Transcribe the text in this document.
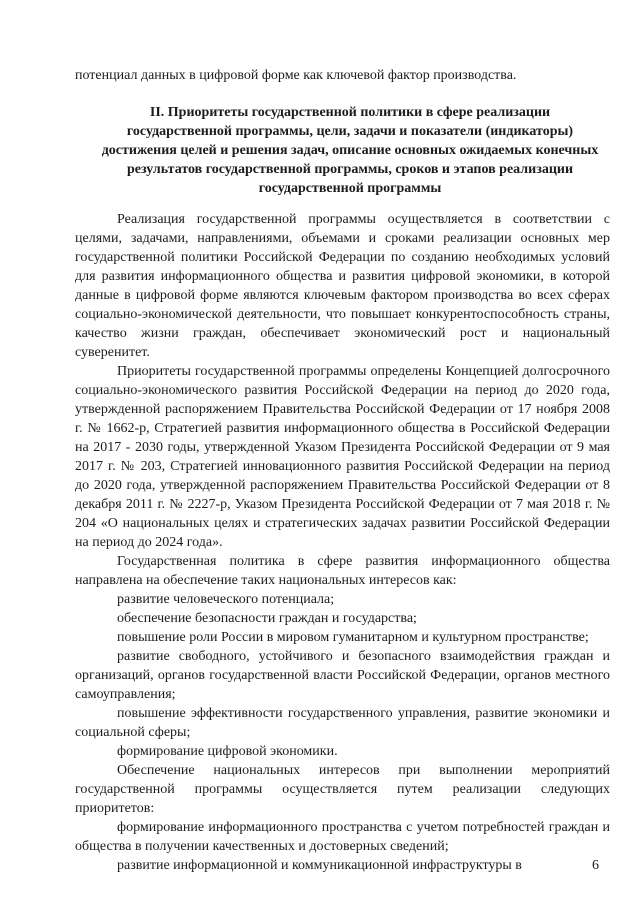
потенциал данных в цифровой форме как ключевой фактор производства.

II. Приоритеты государственной политики в сфере реализации государственной программы, цели, задачи и показатели (индикаторы) достижения целей и решения задач, описание основных ожидаемых конечных результатов государственной программы, сроков и этапов реализации государственной программы

Реализация государственной программы осуществляется в соответствии с целями, задачами, направлениями, объемами и сроками реализации основных мер государственной политики Российской Федерации по созданию необходимых условий для развития информационного общества и развития цифровой экономики, в которой данные в цифровой форме являются ключевым фактором производства во всех сферах социально-экономической деятельности, что повышает конкурентоспособность страны, качество жизни граждан, обеспечивает экономический рост и национальный суверенитет.

Приоритеты государственной программы определены Концепцией долгосрочного социально-экономического развития Российской Федерации на период до 2020 года, утвержденной распоряжением Правительства Российской Федерации от 17 ноября 2008 г. № 1662-р, Стратегией развития информационного общества в Российской Федерации на 2017 - 2030 годы, утвержденной Указом Президента Российской Федерации от 9 мая 2017 г. № 203, Стратегией инновационного развития Российской Федерации на период до 2020 года, утвержденной распоряжением Правительства Российской Федерации от 8 декабря 2011 г. № 2227-р, Указом Президента Российской Федерации от 7 мая 2018 г. № 204 «О национальных целях и стратегических задачах развитии Российской Федерации на период до 2024 года».

Государственная политика в сфере развития информационного общества направлена на обеспечение таких национальных интересов как:

развитие человеческого потенциала;

обеспечение безопасности граждан и государства;

повышение роли России в мировом гуманитарном и культурном пространстве;

развитие свободного, устойчивого и безопасного взаимодействия граждан и организаций, органов государственной власти Российской Федерации, органов местного самоуправления;

повышение эффективности государственного управления, развитие экономики и социальной сферы;

формирование цифровой экономики.

Обеспечение национальных интересов при выполнении мероприятий государственной программы осуществляется путем реализации следующих приоритетов:

формирование информационного пространства с учетом потребностей граждан и общества в получении качественных и достоверных сведений;

развитие информационной и коммуникационной инфраструктуры в	6
